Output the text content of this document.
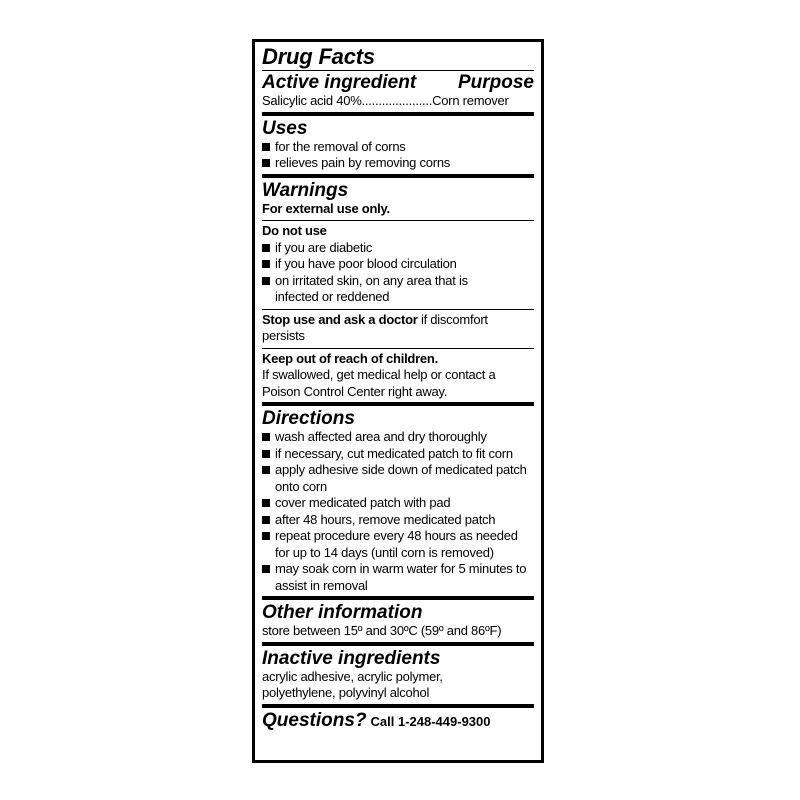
Drug Facts
Active ingredient Purpose
Salicylic acid 40%.....................Corn remover
Uses
for the removal of corns
relieves pain by removing corns
Warnings
For external use only.
Do not use
if you are diabetic
if you have poor blood circulation
on irritated skin, on any area that is infected or reddened
Stop use and ask a doctor if discomfort persists
Keep out of reach of children.
If swallowed, get medical help or contact a Poison Control Center right away.
Directions
wash affected area and dry thoroughly
if necessary, cut medicated patch to fit corn
apply adhesive side down of medicated patch onto corn
cover medicated patch with pad
after 48 hours, remove medicated patch
repeat procedure every 48 hours as needed for up to 14 days (until corn is removed)
may soak corn in warm water for 5 minutes to assist in removal
Other information
store between 15º and 30ºC (59º and 86ºF)
Inactive ingredients
acrylic adhesive, acrylic polymer, polyethylene, polyvinyl alcohol
Questions? Call 1-248-449-9300
